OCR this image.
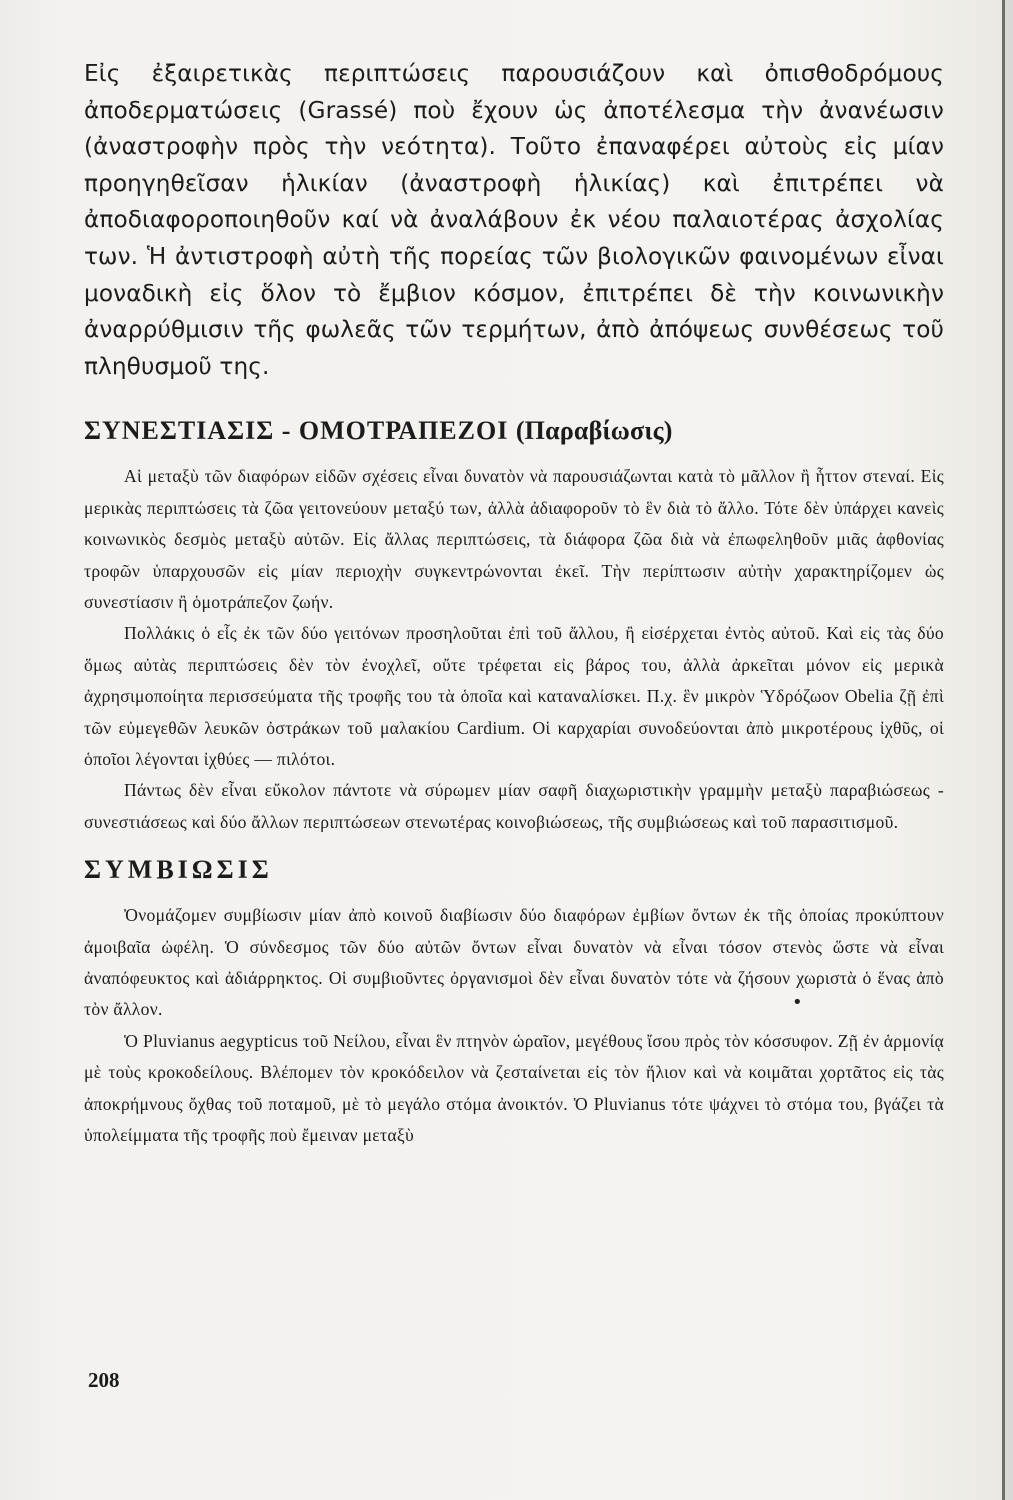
Εἰς ἐξαιρετικὰς περιπτώσεις παρουσιάζουν καὶ ὀπισθοδρόμους ἀποδερματώσεις (Grassé) ποὺ ἔχουν ὡς ἀποτέλεσμα τὴν ἀνανέωσιν (ἀναστροφὴν πρὸς τὴν νεότητα). Τοῦτο ἐπαναφέρει αὐτοὺς εἰς μίαν προηγηθεῖσαν ἡλικίαν (ἀναστροφὴ ἡλικίας) καὶ ἐπιτρέπει νὰ ἀποδιαφοροποιηθοῦν καί νὰ ἀναλάβουν ἐκ νέου παλαιοτέρας ἀσχολίας των. Ἡ ἀντιστροφὴ αὐτὴ τῆς πορείας τῶν βιολογικῶν φαινομένων εἶναι μοναδικὴ εἰς ὅλον τὸ ἔμβιον κόσμον, ἐπιτρέπει δὲ τὴν κοινωνικὴν ἀναρρύθμισιν τῆς φωλεᾶς τῶν τερμήτων, ἀπὸ ἀπόψεως συνθέσεως τοῦ πληθυσμοῦ της.

ΣΥΝΕΣΤΙΑΣΙΣ - ΟΜΟΤΡΑΠΕΖΟΙ (Παραβίωσις)

Αἱ μεταξὺ τῶν διαφόρων εἰδῶν σχέσεις εἶναι δυνατὸν νὰ παρουσιάζωνται κατὰ τὸ μᾶλλον ἢ ἧττον στεναί. Εἰς μερικὰς περιπτώσεις τὰ ζῶα γειτονεύουν μεταξύ των, ἀλλὰ ἀδιαφοροῦν τὸ ἓν διὰ τὸ ἄλλο. Τότε δὲν ὑπάρχει κανεὶς κοινωνικὸς δεσμὸς μεταξὺ αὐτῶν. Εἰς ἄλλας περιπτώσεις, τὰ διάφορα ζῶα διὰ νὰ ἐπωφεληθοῦν μιᾶς ἀφθονίας τροφῶν ὑπαρχουσῶν εἰς μίαν περιοχὴν συγκεντρώνονται ἐκεῖ. Τὴν περίπτωσιν αὐτὴν χαρακτηρίζομεν ὡς συνεστίασιν ἢ ὁμοτράπεζον ζωήν.

Πολλάκις ὁ εἷς ἐκ τῶν δύο γειτόνων προσηλοῦται ἐπὶ τοῦ ἄλλου, ἢ εἰσέρχεται ἐντὸς αὐτοῦ. Καὶ εἰς τὰς δύο ὅμως αὐτὰς περιπτώσεις δὲν τὸν ἐνοχλεῖ, οὔτε τρέφεται εἰς βάρος του, ἀλλὰ ἀρκεῖται μόνον εἰς μερικὰ ἀχρησιμοποίητα περισσεύματα τῆς τροφῆς του τὰ ὁποῖα καὶ καταναλίσκει. Π.χ. ἓν μικρὸν Ὑδρόζωον Obelia ζῇ ἐπὶ τῶν εὐμεγεθῶν λευκῶν ὀστράκων τοῦ μαλακίου Cardium. Οἱ καρχαρίαι συνοδεύονται ἀπὸ μικροτέρους ἰχθῦς, οἱ ὁποῖοι λέγονται ἰχθύες — πιλότοι.

Πάντως δὲν εἶναι εὔκολον πάντοτε νὰ σύρωμεν μίαν σαφῆ διαχωριστικὴν γραμμὴν μεταξὺ παραβιώσεως - συνεστιάσεως καὶ δύο ἄλλων περιπτώσεων στενωτέρας κοινοβιώσεως, τῆς συμβιώσεως καὶ τοῦ παρασιτισμοῦ.

ΣΥΜΒΙΩΣΙΣ

Ὀνομάζομεν συμβίωσιν μίαν ἀπὸ κοινοῦ διαβίωσιν δύο διαφόρων ἐμβίων ὄντων ἐκ τῆς ὁποίας προκύπτουν ἀμοιβαῖα ὠφέλη. Ὁ σύνδεσμος τῶν δύο αὐτῶν ὄντων εἶναι δυνατὸν νὰ εἶναι τόσον στενὸς ὥστε νὰ εἶναι ἀναπόφευκτος καὶ ἀδιάρρηκτος. Οἱ συμβιοῦντες ὀργανισμοὶ δὲν εἶναι δυνατὸν τότε νὰ ζήσουν χωριστὰ ὁ ἕνας ἀπὸ τὸν ἄλλον.

Ὁ Pluvianus aegypticus τοῦ Νείλου, εἶναι ἓν πτηνὸν ὡραῖον, μεγέθους ἴσου πρὸς τὸν κόσσυφον. Ζῇ ἐν ἁρμονίᾳ μὲ τοὺς κροκοδείλους. Βλέπομεν τὸν κροκόδειλον νὰ ζεσταίνεται εἰς τὸν ἥλιον καὶ νὰ κοιμᾶται χορτᾶτος εἰς τὰς ἀποκρήμνους ὄχθας τοῦ ποταμοῦ, μὲ τὸ μεγάλο στόμα ἀνοικτόν. Ὁ Pluvianus τότε ψάχνει τὸ στόμα του, βγάζει τὰ ὑπολείμματα τῆς τροφῆς ποὺ ἔμειναν μεταξὺ

•
208
